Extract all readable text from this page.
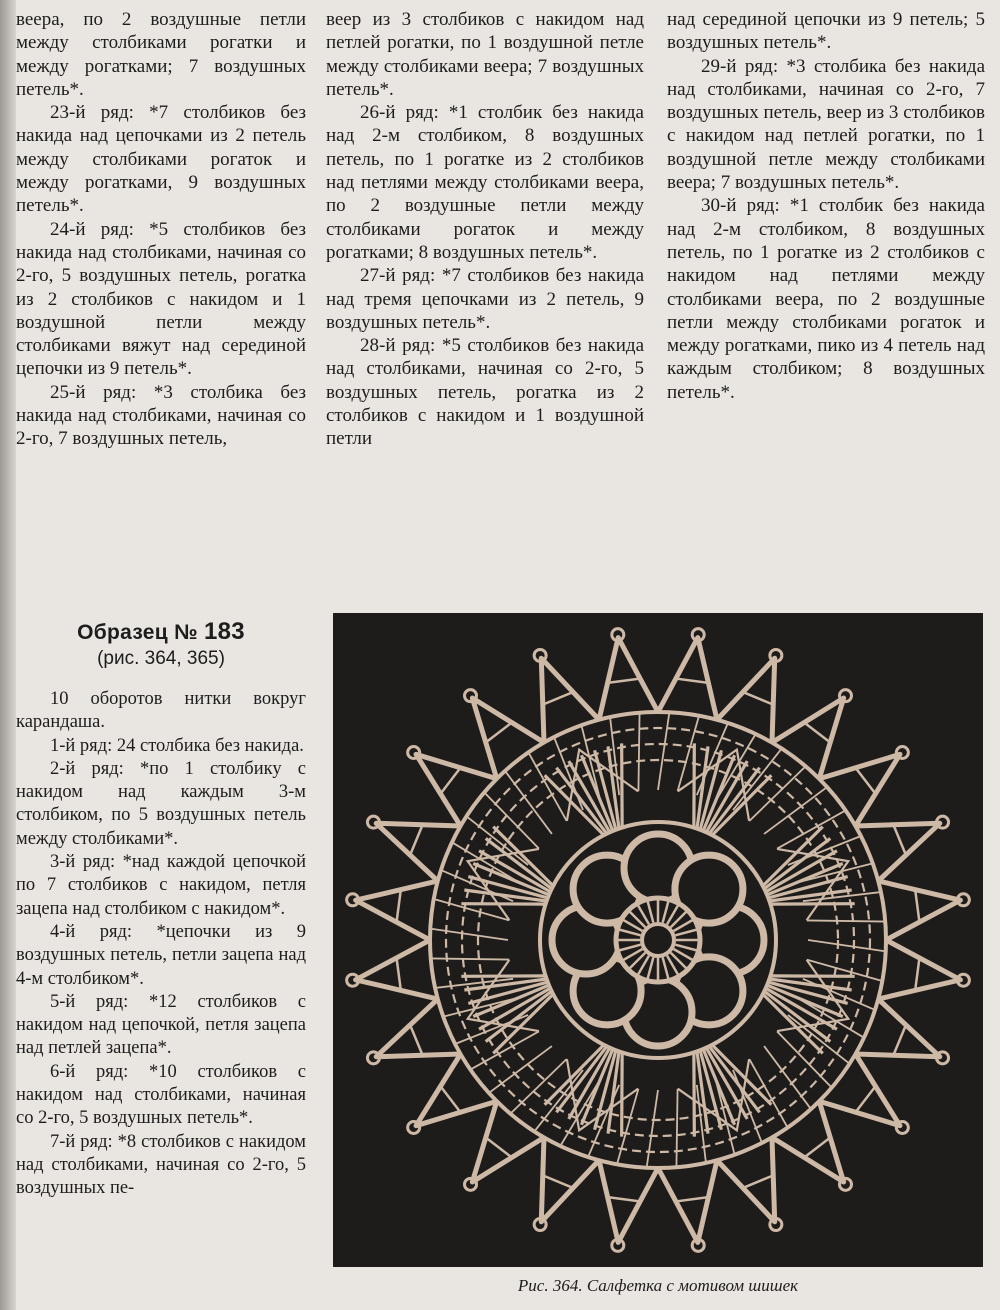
веера, по 2 воздушные петли между столбиками рогатки и между рогатками; 7 воздушных петель*.

23-й ряд: *7 столбиков без накида над цепочками из 2 петель между столбиками рогаток и между рогатками, 9 воздушных петель*.

24-й ряд: *5 столбиков без накида над столбиками, начиная со 2-го, 5 воздушных петель, рогатка из 2 столбиков с накидом и 1 воздушной петли между столбиками вяжут над серединой цепочки из 9 петель*.

25-й ряд: *3 столбика без накида над столбиками, начиная со 2-го, 7 воздушных петель,

веер из 3 столбиков с накидом над петлей рогатки, по 1 воздушной петле между столбиками веера; 7 воздушных петель*.

26-й ряд: *1 столбик без накида над 2-м столбиком, 8 воздушных петель, по 1 рогатке из 2 столбиков над петлями между столбиками веера, по 2 воздушные петли между столбиками рогаток и между рогатками; 8 воздушных петель*.

27-й ряд: *7 столбиков без накида над тремя цепочками из 2 петель, 9 воздушных петель*.

28-й ряд: *5 столбиков без накида над столбиками, начиная со 2-го, 5 воздушных петель, рогатка из 2 столбиков с накидом и 1 воздушной петли

над серединой цепочки из 9 петель; 5 воздушных петель*.

29-й ряд: *3 столбика без накида над столбиками, начиная со 2-го, 7 воздушных петель, веер из 3 столбиков с накидом над петлей рогатки, по 1 воздушной петле между столбиками веера; 7 воздушных петель*.

30-й ряд: *1 столбик без накида над 2-м столбиком, 8 воздушных петель, по 1 рогатке из 2 столбиков с накидом над петлями между столбиками веера, по 2 воздушные петли между столбиками рогаток и между рогатками, пико из 4 петель над каждым столбиком; 8 воздушных петель*.

Образец № 183
(рис. 364, 365)

10 оборотов нитки вокруг карандаша.

1-й ряд: 24 столбика без накида.

2-й ряд: *по 1 столбику с накидом над каждым 3-м столбиком, по 5 воздушных петель между столбиками*.

3-й ряд: *над каждой цепочкой по 7 столбиков с накидом, петля зацепа над столбиком с накидом*.

4-й ряд: *цепочки из 9 воздушных петель, петли зацепа над 4-м столбиком*.

5-й ряд: *12 столбиков с накидом над цепочкой, петля зацепа над петлей зацепа*.

6-й ряд: *10 столбиков с накидом над столбиками, начиная со 2-го, 5 воздушных петель*.

7-й ряд: *8 столбиков с накидом над столбиками, начиная со 2-го, 5 воздушных пе-

Рис. 364. Салфетка с мотивом шишек
